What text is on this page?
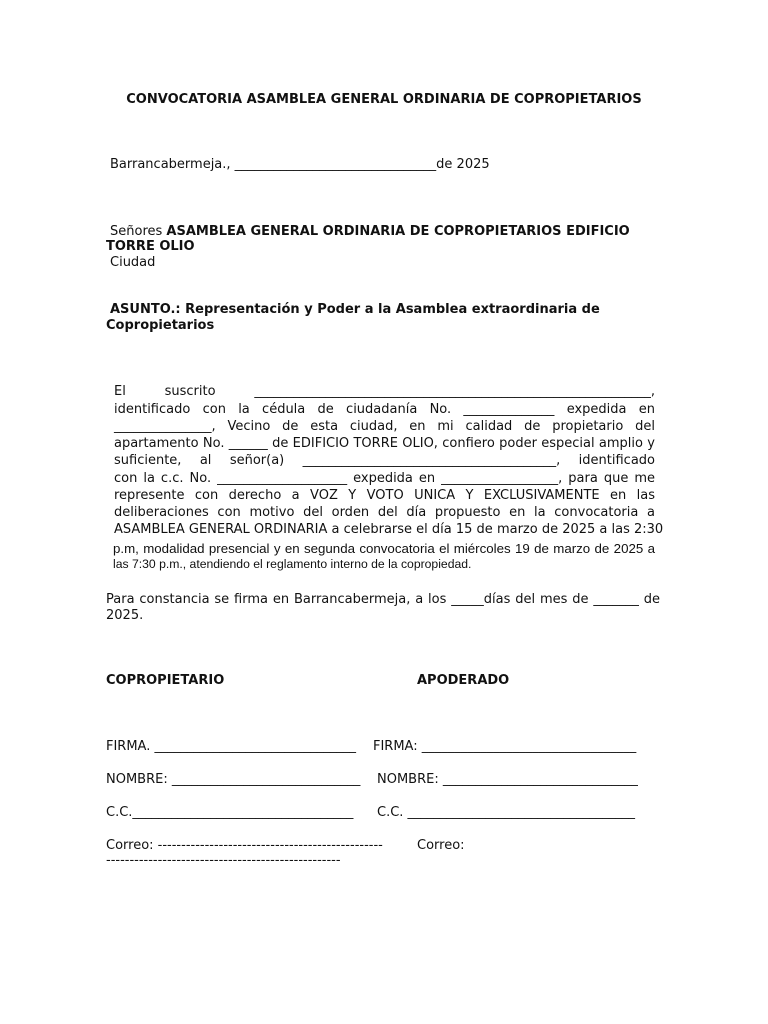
CONVOCATORIA ASAMBLEA GENERAL ORDINARIA DE COPROPIETARIOS
Barrancabermeja., _______________________________de 2025
Señores ASAMBLEA GENERAL ORDINARIA DE COPROPIETARIOS EDIFICIO
TORRE OLIO
Ciudad
ASUNTO.: Representación y Poder a la Asamblea extraordinaria de
Copropietarios
El suscrito _____________________________________________________________,
identificado con la cédula de ciudadanía No. ______________ expedida en
_______________, Vecino de esta ciudad, en mi calidad de propietario del
apartamento No. ______ de EDIFICIO TORRE OLIO, confiero poder especial amplio y
suficiente, al señor(a) _______________________________________, identificado
con la c.c. No. ____________________ expedida en __________________, para que me
represente con derecho a VOZ Y VOTO UNICA Y EXCLUSIVAMENTE en las
deliberaciones con motivo del orden del día propuesto en la convocatoria a
ASAMBLEA GENERAL ORDINARIA a celebrarse el día 15 de marzo de 2025 a las 2:30
p.m, modalidad presencial y en segunda convocatoria el miércoles 19 de marzo de 2025 a
las 7:30 p.m., atendiendo el reglamento interno de la copropiedad.
Para constancia se firma en Barrancabermeja, a los _____días del mes de _______ de
2025.
COPROPIETARIO	APODERADO
FIRMA. _______________________________ FIRMA: _________________________________
NOMBRE: _____________________________ NOMBRE: ______________________________
C.C.__________________________________ C.C. ___________________________________
Correo: ------------------------------------------------	Correo:
--------------------------------------------------
